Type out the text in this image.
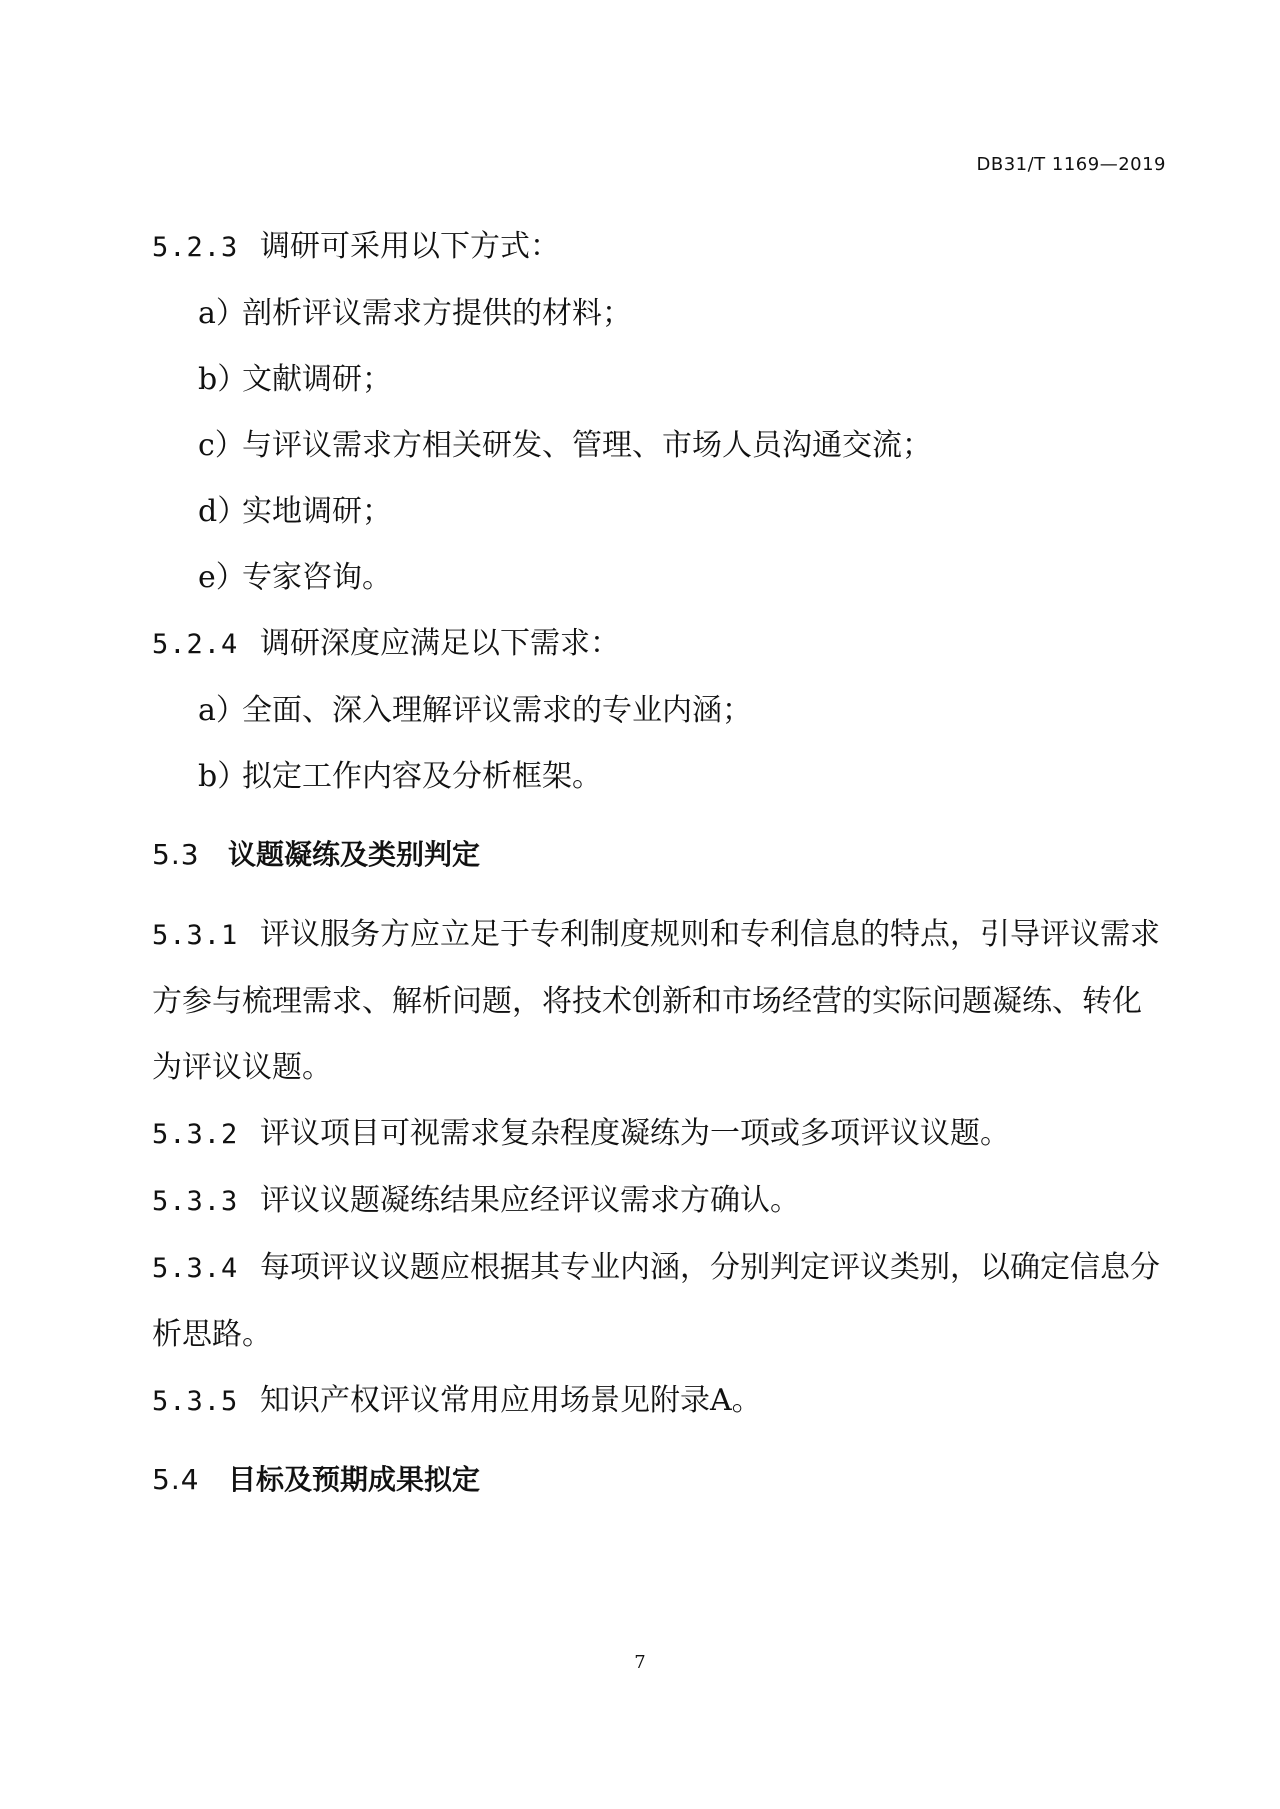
DB31/T 1169—2019
5.2.3 调研可采用以下方式：
a）剖析评议需求方提供的材料；
b）文献调研；
c）与评议需求方相关研发、管理、市场人员沟通交流；
d）实地调研；
e）专家咨询。
5.2.4 调研深度应满足以下需求：
a）全面、深入理解评议需求的专业内涵；
b）拟定工作内容及分析框架。
5.3 议题凝练及类别判定
5.3.1 评议服务方应立足于专利制度规则和专利信息的特点，引导评议需求
方参与梳理需求、解析问题，将技术创新和市场经营的实际问题凝练、转化
为评议议题。
5.3.2 评议项目可视需求复杂程度凝练为一项或多项评议议题。
5.3.3 评议议题凝练结果应经评议需求方确认。
5.3.4 每项评议议题应根据其专业内涵，分别判定评议类别，以确定信息分
析思路。
5.3.5 知识产权评议常用应用场景见附录A。
5.4 目标及预期成果拟定
7
